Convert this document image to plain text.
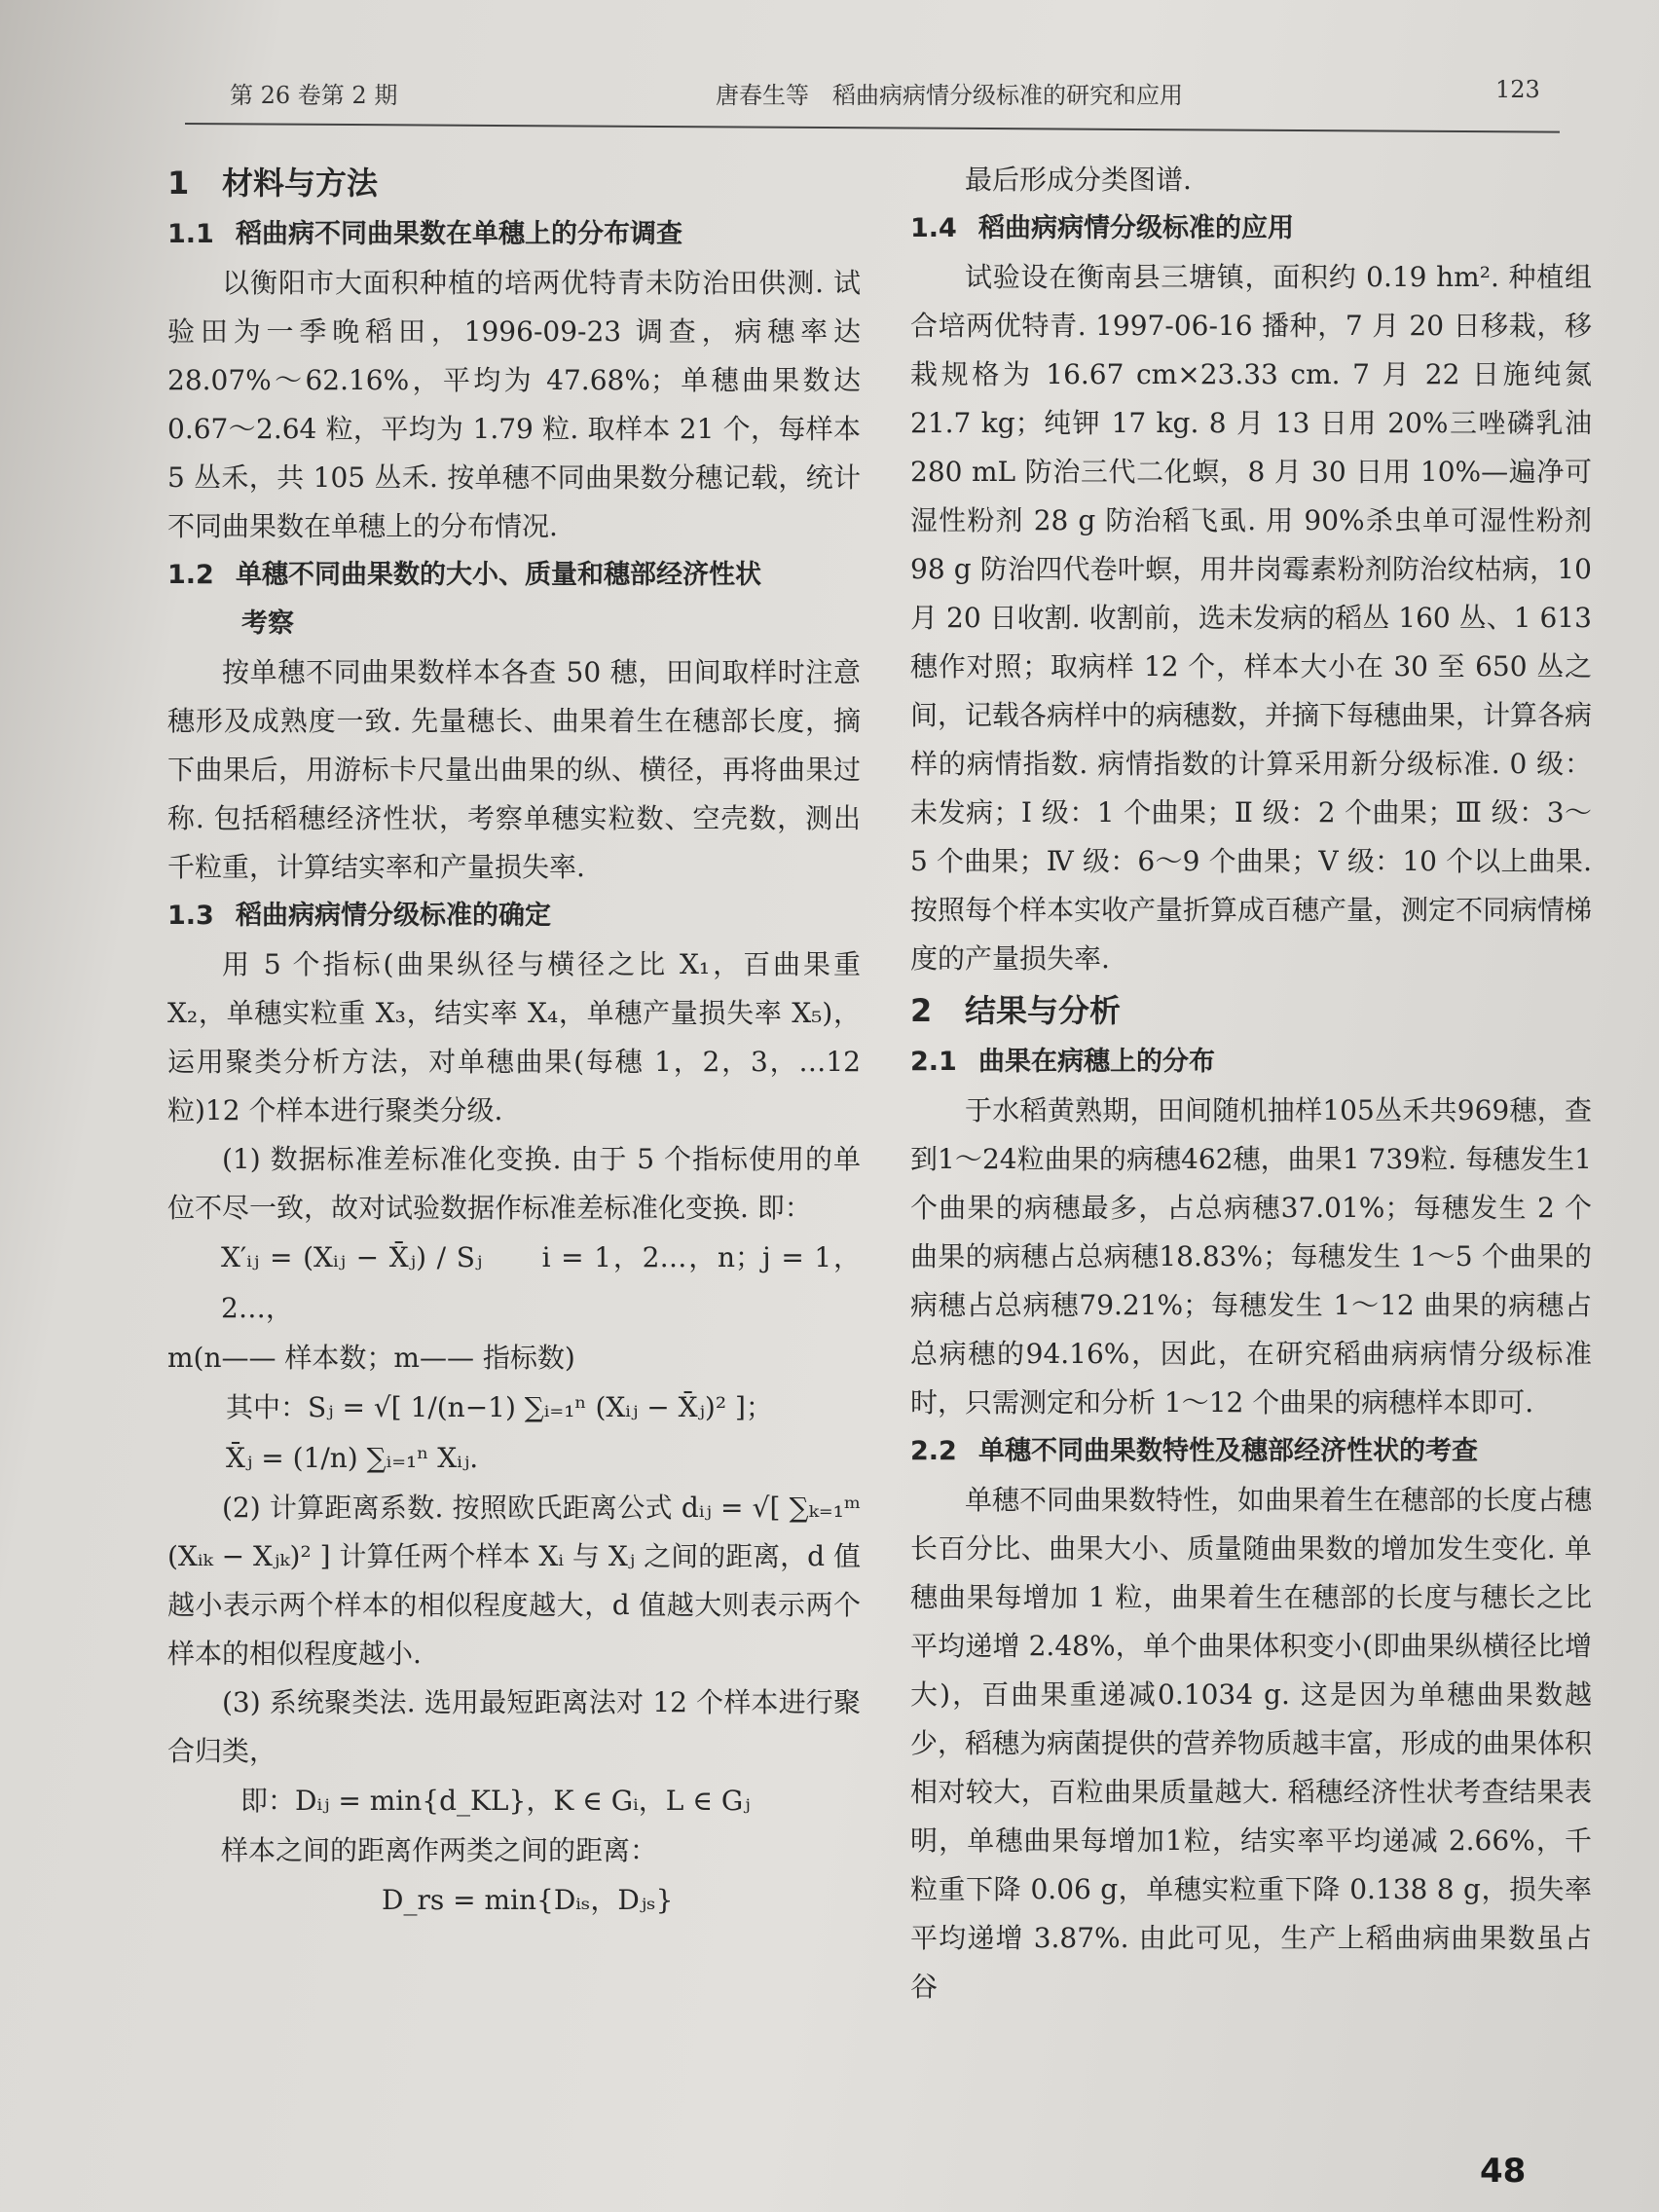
第 26 卷第 2 期	唐春生等　稻曲病病情分级标准的研究和应用	123

1 材料与方法

1.1 稻曲病不同曲果数在单穗上的分布调查

以衡阳市大面积种植的培两优特青未防治田供测. 试验田为一季晚稻田，1996-09-23 调查，病穗率达 28.07%～62.16%，平均为 47.68%；单穗曲果数达 0.67～2.64 粒，平均为 1.79 粒. 取样本 21 个，每样本 5 丛禾，共 105 丛禾. 按单穗不同曲果数分穗记载，统计不同曲果数在单穗上的分布情况.

1.2 单穗不同曲果数的大小、质量和穗部经济性状

考察

按单穗不同曲果数样本各查 50 穗，田间取样时注意穗形及成熟度一致. 先量穗长、曲果着生在穗部长度，摘下曲果后，用游标卡尺量出曲果的纵、横径，再将曲果过称. 包括稻穗经济性状，考察单穗实粒数、空壳数，测出千粒重，计算结实率和产量损失率.

1.3 稻曲病病情分级标准的确定

用 5 个指标(曲果纵径与横径之比 X₁，百曲果重 X₂，单穗实粒重 X₃，结实率 X₄，单穗产量损失率 X₅)，运用聚类分析方法，对单穗曲果(每穗 1，2，3，…12 粒)12 个样本进行聚类分级.

(1) 数据标准差标准化变换. 由于 5 个指标使用的单位不尽一致，故对试验数据作标准差标准化变换. 即：

X′ᵢⱼ = (Xᵢⱼ − X̄ⱼ) / Sⱼ　　i = 1，2…，n；j = 1，2…，

m(n—— 样本数；m—— 指标数)

其中：Sⱼ = √[ 1/(n−1) ∑ᵢ₌₁ⁿ (Xᵢⱼ − X̄ⱼ)² ]；

X̄ⱼ = (1/n) ∑ᵢ₌₁ⁿ Xᵢⱼ.

(2) 计算距离系数. 按照欧氏距离公式 dᵢⱼ = √[ ∑ₖ₌₁ᵐ (Xᵢₖ − Xⱼₖ)² ] 计算任两个样本 Xᵢ 与 Xⱼ 之间的距离，d 值越小表示两个样本的相似程度越大，d 值越大则表示两个样本的相似程度越小.

(3) 系统聚类法. 选用最短距离法对 12 个样本进行聚合归类，

即：Dᵢⱼ = min{d_KL}，K ∈ Gᵢ，L ∈ Gⱼ

样本之间的距离作两类之间的距离：

D_rs = min{Dᵢₛ，Dⱼₛ}

最后形成分类图谱.

1.4 稻曲病病情分级标准的应用

试验设在衡南县三塘镇，面积约 0.19 hm². 种植组合培两优特青. 1997-06-16 播种，7 月 20 日移栽，移栽规格为 16.67 cm×23.33 cm. 7 月 22 日施纯氮 21.7 kg；纯钾 17 kg. 8 月 13 日用 20%三唑磷乳油 280 mL 防治三代二化螟，8 月 30 日用 10%—遍净可湿性粉剂 28 g 防治稻飞虱. 用 90%杀虫单可湿性粉剂 98 g 防治四代卷叶螟，用井岗霉素粉剂防治纹枯病，10 月 20 日收割. 收割前，选未发病的稻丛 160 丛、1 613 穗作对照；取病样 12 个，样本大小在 30 至 650 丛之间，记载各病样中的病穗数，并摘下每穗曲果，计算各病样的病情指数. 病情指数的计算采用新分级标准. 0 级：未发病；Ⅰ 级：1 个曲果；Ⅱ 级：2 个曲果；Ⅲ 级：3～5 个曲果；Ⅳ 级：6～9 个曲果；Ⅴ 级：10 个以上曲果. 按照每个样本实收产量折算成百穗产量，测定不同病情梯度的产量损失率.

2 结果与分析

2.1 曲果在病穗上的分布

于水稻黄熟期，田间随机抽样105丛禾共969穗，查到1～24粒曲果的病穗462穗，曲果1 739粒. 每穗发生1个曲果的病穗最多，占总病穗37.01%；每穗发生 2 个曲果的病穗占总病穗18.83%；每穗发生 1～5 个曲果的病穗占总病穗79.21%；每穗发生 1～12 曲果的病穗占总病穗的94.16%，因此，在研究稻曲病病情分级标准时，只需测定和分析 1～12 个曲果的病穗样本即可.

2.2 单穗不同曲果数特性及穗部经济性状的考查

单穗不同曲果数特性，如曲果着生在穗部的长度占穗长百分比、曲果大小、质量随曲果数的增加发生变化. 单穗曲果每增加 1 粒，曲果着生在穗部的长度与穗长之比平均递增 2.48%，单个曲果体积变小(即曲果纵横径比增大)，百曲果重递减0.1034 g. 这是因为单穗曲果数越少，稻穗为病菌提供的营养物质越丰富，形成的曲果体积相对较大，百粒曲果质量越大. 稻穗经济性状考查结果表明，单穗曲果每增加1粒，结实率平均递减 2.66%，千粒重下降 0.06 g，单穗实粒重下降 0.138 8 g，损失率平均递增 3.87%. 由此可见，生产上稻曲病曲果数虽占谷

48
